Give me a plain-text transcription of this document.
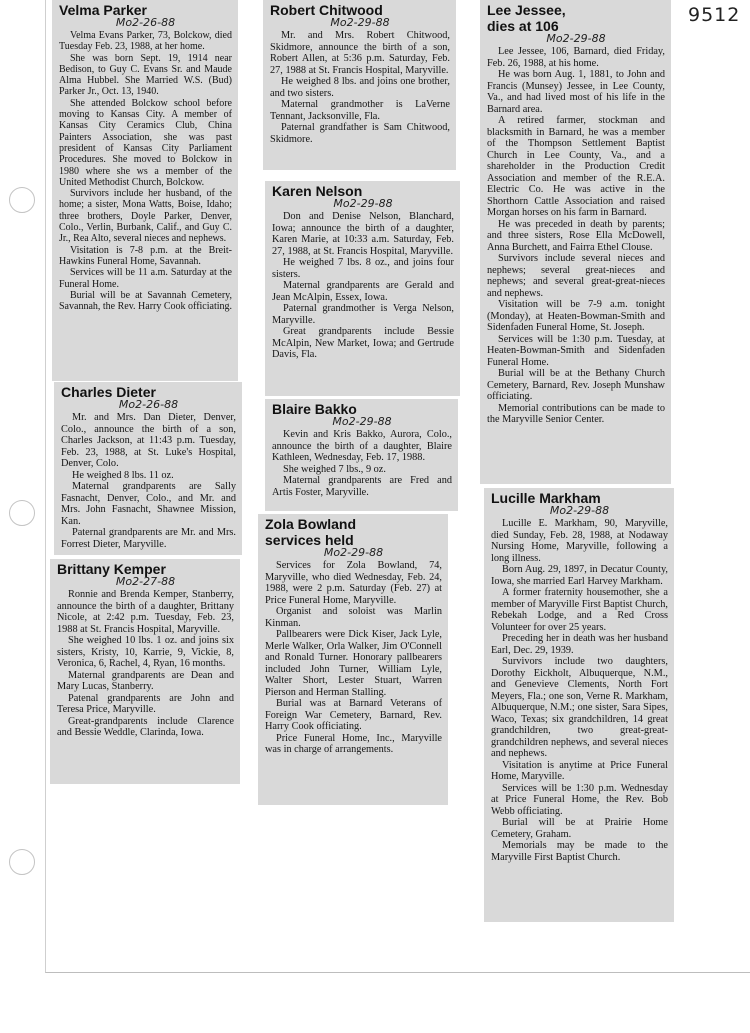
9512
Velma Parker
Mo2-26-88

Velma Evans Parker, 73, Bolckow, died Tuesday Feb. 23, 1988, at her home.

She was born Sept. 19, 1914 near Bedison, to Guy C. Evans Sr. and Maude Alma Hubbel. She Married W.S. (Bud) Parker Jr., Oct. 13, 1940.

She attended Bolckow school before moving to Kansas City. A member of Kansas City Ceramics Club, China Painters Association, she was past president of Kansas City Parliament Procedures. She moved to Bolckow in 1980 where she ws a member of the United Methodist Church, Bolckow.

Survivors include her husband, of the home; a sister, Mona Watts, Boise, Idaho; three brothers, Doyle Parker, Denver, Colo., Verlin, Burbank, Calif., and Guy C. Jr., Rea Alto, several nieces and nephews.

Visitation is 7-8 p.m. at the Breit-Hawkins Funeral Home, Savannah.

Services will be 11 a.m. Saturday at the Funeral Home.

Burial will be at Savannah Cemetery, Savannah, the Rev. Harry Cook officiating.

Charles Dieter
Mo2-26-88

Mr. and Mrs. Dan Dieter, Denver, Colo., announce the birth of a son, Charles Jackson, at 11:43 p.m. Tuesday, Feb. 23, 1988, at St. Luke's Hospital, Denver, Colo.

He weighed 8 lbs. 11 oz.

Maternal grandparents are Sally Fasnacht, Denver, Colo., and Mr. and Mrs. John Fasnacht, Shawnee Mission, Kan.

Paternal grandparents are Mr. and Mrs. Forrest Dieter, Maryville.

Brittany Kemper
Mo2-27-88

Ronnie and Brenda Kemper, Stanberry, announce the birth of a daughter, Brittany Nicole, at 2:42 p.m. Tuesday, Feb. 23, 1988 at St. Francis Hospital, Maryville.

She weighed 10 lbs. 1 oz. and joins six sisters, Kristy, 10, Karrie, 9, Vickie, 8, Veronica, 6, Rachel, 4, Ryan, 16 months.

Maternal grandparents are Dean and Mary Lucas, Stanberry.

Patenal grandparents are John and Teresa Price, Maryville.

Great-grandparents include Clarence and Bessie Weddle, Clarinda, Iowa.

Robert Chitwood
Mo2-29-88

Mr. and Mrs. Robert Chitwood, Skidmore, announce the birth of a son, Robert Allen, at 5:36 p.m. Saturday, Feb. 27, 1988 at St. Francis Hospital, Maryville.

He weighed 8 lbs. and joins one brother, and two sisters.

Maternal grandmother is LaVerne Tennant, Jacksonville, Fla.

Paternal grandfather is Sam Chitwood, Skidmore.

Karen Nelson
Mo2-29-88

Don and Denise Nelson, Blanchard, Iowa; announce the birth of a daughter, Karen Marie, at 10:33 a.m. Saturday, Feb. 27, 1988, at St. Francis Hospital, Maryville.

He weighed 7 lbs. 8 oz., and joins four sisters.

Maternal grandparents are Gerald and Jean McAlpin, Essex, Iowa.

Paternal grandmother is Verga Nelson, Maryville.

Great grandparents include Bessie McAlpin, New Market, Iowa; and Gertrude Davis, Fla.

Blaire Bakko
Mo2-29-88

Kevin and Kris Bakko, Aurora, Colo., announce the birth of a daughter, Blaire Kathleen, Wednesday, Feb. 17, 1988.

She weighed 7 lbs., 9 oz.

Maternal grandparents are Fred and Artis Foster, Maryville.

Zola Bowland services held
Mo2-29-88

Services for Zola Bowland, 74, Maryville, who died Wednesday, Feb. 24, 1988, were 2 p.m. Saturday (Feb. 27) at Price Funeral Home, Maryville.

Organist and soloist was Marlin Kinman.

Pallbearers were Dick Kiser, Jack Lyle, Merle Walker, Orla Walker, Jim O'Connell and Ronald Turner. Honorary pallbearers included John Turner, William Lyle, Walter Short, Lester Stuart, Warren Pierson and Herman Stalling.

Burial was at Barnard Veterans of Foreign War Cemetery, Barnard, Rev. Harry Cook officiating.

Price Funeral Home, Inc., Maryville was in charge of arrangements.

Lee Jessee, dies at 106
Mo2-29-88

Lee Jessee, 106, Barnard, died Friday, Feb. 26, 1988, at his home.

He was born Aug. 1, 1881, to John and Francis (Munsey) Jessee, in Lee County, Va., and had lived most of his life in the Barnard area.

A retired farmer, stockman and blacksmith in Barnard, he was a member of the Thompson Settlement Baptist Church in Lee County, Va., and a shareholder in the Production Credit Association and member of the R.E.A. Electric Co. He was active in the Shorthorn Cattle Association and raised Morgan horses on his farm in Barnard.

He was preceded in death by parents; and three sisters, Rose Ella McDowell, Anna Burchett, and Fairra Ethel Clouse.

Survivors include several nieces and nephews; several great-nieces and nephews; and several great-great-nieces and nephews.

Visitation will be 7-9 a.m. tonight (Monday), at Heaten-Bowman-Smith and Sidenfaden Funeral Home, St. Joseph.

Services will be 1:30 p.m. Tuesday, at Heaten-Bowman-Smith and Sidenfaden Funeral Home.

Burial will be at the Bethany Church Cemetery, Barnard, Rev. Joseph Munshaw officiating.

Memorial contributions can be made to the Maryville Senior Center.

Lucille Markham
Mo2-29-88

Lucille E. Markham, 90, Maryville, died Sunday, Feb. 28, 1988, at Nodaway Nursing Home, Maryville, following a long illness.

Born Aug. 29, 1897, in Decatur County, Iowa, she married Earl Harvey Markham.

A former fraternity housemother, she a member of Maryville First Baptist Church, Rebekah Lodge, and a Red Cross Volunteer for over 25 years.

Preceding her in death was her husband Earl, Dec. 29, 1939.

Survivors include two daughters, Dorothy Eickholt, Albuquerque, N.M., and Genevieve Clements, North Fort Meyers, Fla.; one son, Verne R. Markham, Albuquerque, N.M.; one sister, Sara Sipes, Waco, Texas; six grandchildren, 14 great grandchildren, two great-great-grandchildren nephews, and several nieces and nephews.

Visitation is anytime at Price Funeral Home, Maryville.

Services will be 1:30 p.m. Wednesday at Price Funeral Home, the Rev. Bob Webb officiating.

Burial will be at Prairie Home Cemetery, Graham.

Memorials may be made to the Maryville First Baptist Church.
